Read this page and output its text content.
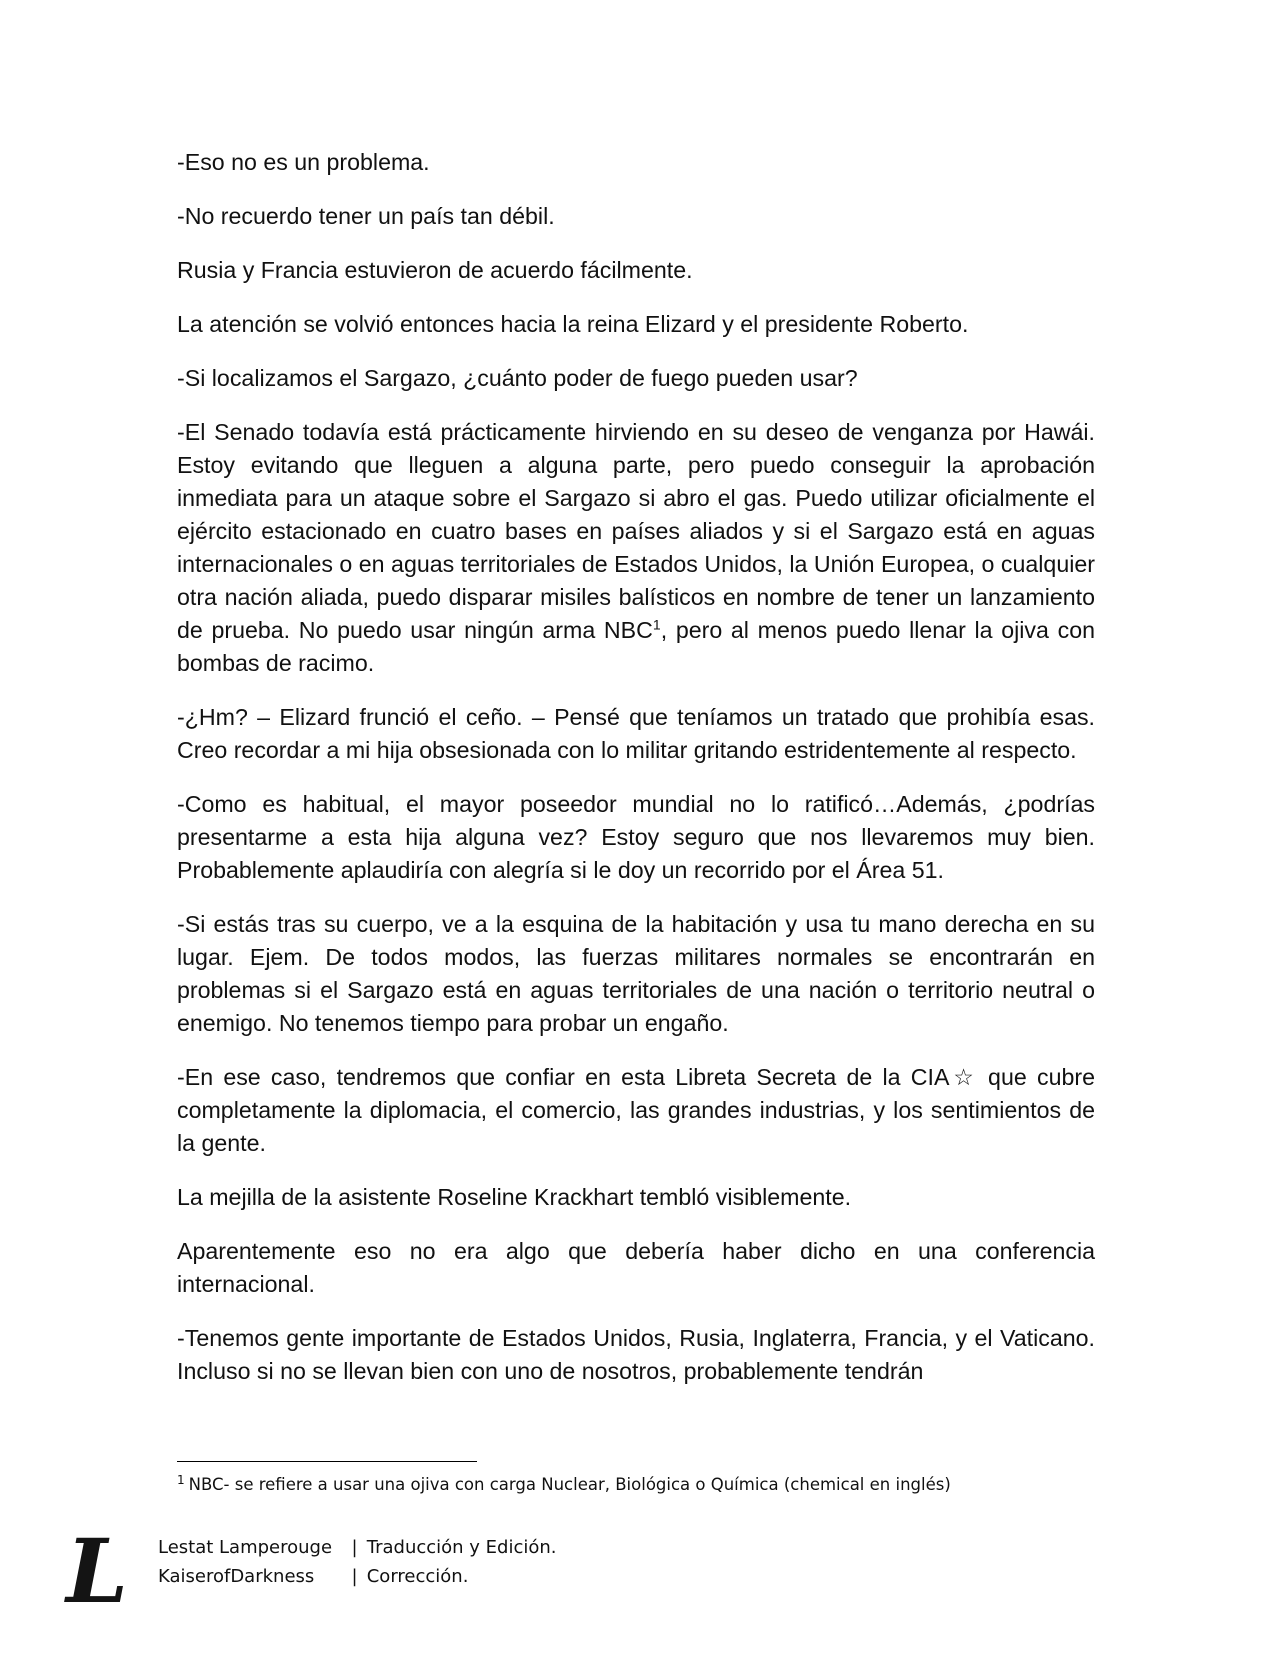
-Eso no es un problema.

-No recuerdo tener un país tan débil.

Rusia y Francia estuvieron de acuerdo fácilmente.

La atención se volvió entonces hacia la reina Elizard y el presidente Roberto.

-Si localizamos el Sargazo, ¿cuánto poder de fuego pueden usar?

-El Senado todavía está prácticamente hirviendo en su deseo de venganza por Hawái. Estoy evitando que lleguen a alguna parte, pero puedo conseguir la aprobación inmediata para un ataque sobre el Sargazo si abro el gas. Puedo utilizar oficialmente el ejército estacionado en cuatro bases en países aliados y si el Sargazo está en aguas internacionales o en aguas territoriales de Estados Unidos, la Unión Europea, o cualquier otra nación aliada, puedo disparar misiles balísticos en nombre de tener un lanzamiento de prueba. No puedo usar ningún arma NBC$^1$, pero al menos puedo llenar la ojiva con bombas de racimo.

-¿Hm? – Elizard frunció el ceño. – Pensé que teníamos un tratado que prohibía esas. Creo recordar a mi hija obsesionada con lo militar gritando estridentemente al respecto.

-Como es habitual, el mayor poseedor mundial no lo ratificó…Además, ¿podrías presentarme a esta hija alguna vez? Estoy seguro que nos llevaremos muy bien. Probablemente aplaudiría con alegría si le doy un recorrido por el Área 51.

-Si estás tras su cuerpo, ve a la esquina de la habitación y usa tu mano derecha en su lugar. Ejem. De todos modos, las fuerzas militares normales se encontrarán en problemas si el Sargazo está en aguas territoriales de una nación o territorio neutral o enemigo. No tenemos tiempo para probar un engaño.

-En ese caso, tendremos que confiar en esta Libreta Secreta de la CIA☆ que cubre completamente la diplomacia, el comercio, las grandes industrias, y los sentimientos de la gente.

La mejilla de la asistente Roseline Krackhart tembló visiblemente.

Aparentemente eso no era algo que debería haber dicho en una conferencia internacional.

-Tenemos gente importante de Estados Unidos, Rusia, Inglaterra, Francia, y el Vaticano. Incluso si no se llevan bien con uno de nosotros, probablemente tendrán

$^1$ NBC- se refiere a usar una ojiva con carga Nuclear, Biológica o Química (chemical en inglés)
L Lestat Lamperouge | Traducción y Edición.
KaiserofDarkness | Corrección.
